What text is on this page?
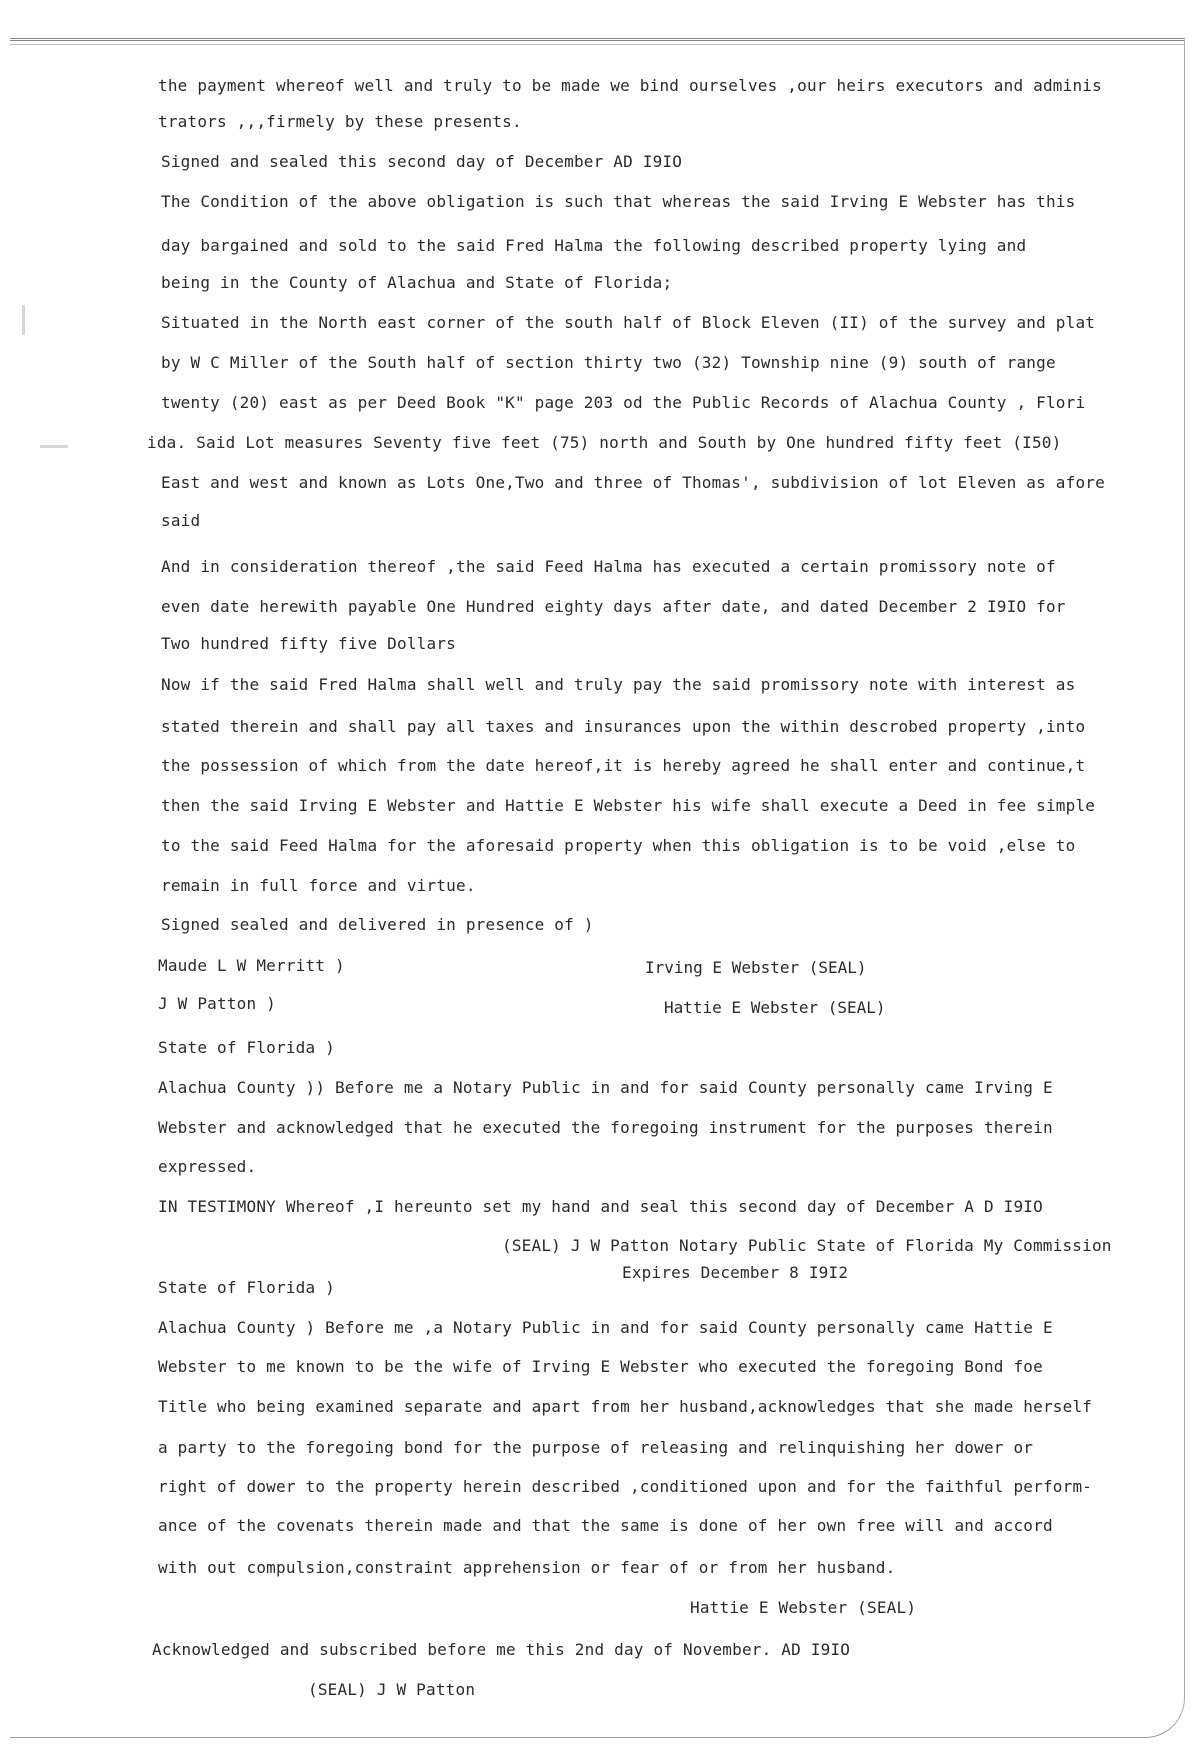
the payment whereof well and truly to be made we bind ourselves ,our heirs executors and adminis
trators ,,,firmely by these presents.
Signed and sealed this second day of December AD I9IO
The Condition of the above obligation is such that whereas the said Irving E Webster has this
day bargained and sold to the said Fred Halma the following described property lying and
being in the County of Alachua and State of Florida;
Situated in the North east corner of the south half of Block Eleven (II) of the survey and plat
by W C Miller of the South half of section thirty two (32) Township nine (9) south of range
twenty (20) east as per Deed Book "K" page 203 od the Public Records of Alachua County , Flori
ida. Said Lot measures Seventy five feet (75) north and South by One hundred fifty feet (I50)
East and west and known as Lots One,Two and three of Thomas', subdivision of lot Eleven as afore
said
And in consideration thereof ,the said Feed Halma has executed a certain promissory note of
even date herewith payable One Hundred eighty days after date, and dated December 2 I9IO for
Two hundred fifty five Dollars
Now if the said Fred Halma shall well and truly pay the said promissory note with interest as
stated therein and shall pay all taxes and insurances upon the within descrobed property ,into
the possession of which from the date hereof,it is hereby agreed he shall enter and continue,t
then the said Irving E Webster and Hattie E Webster his wife shall execute a Deed in fee simple
to the said Feed Halma for the aforesaid property when this obligation is to be void ,else to
remain in full force and virtue.
Signed sealed and delivered in presence of )
Maude L W Merritt )	Irving E Webster (SEAL)
J W Patton )	Hattie E Webster (SEAL)
State of Florida )
Alachua County )) Before me a Notary Public in and for said County personally came Irving E
Webster and acknowledged that he executed the foregoing instrument for the purposes therein
expressed.
IN TESTIMONY Whereof ,I hereunto set my hand and seal this second day of December A D I9IO
(SEAL) J W Patton Notary Public State of Florida My Commission
Expires December 8 I9I2
State of Florida )
Alachua County ) Before me ,a Notary Public in and for said County personally came Hattie E
Webster to me known to be the wife of Irving E Webster who executed the foregoing Bond foe
Title who being examined separate and apart from her husband,acknowledges that she made herself
a party to the foregoing bond for the purpose of releasing and relinquishing her dower or
right of dower to the property herein described ,conditioned upon and for the faithful perform-
ance of the covenats therein made and that the same is done of her own free will and accord
with out compulsion,constraint apprehension or fear of or from her husband.
Hattie E Webster (SEAL)
Acknowledged and subscribed before me this 2nd day of November. AD I9IO
(SEAL) J W Patton
